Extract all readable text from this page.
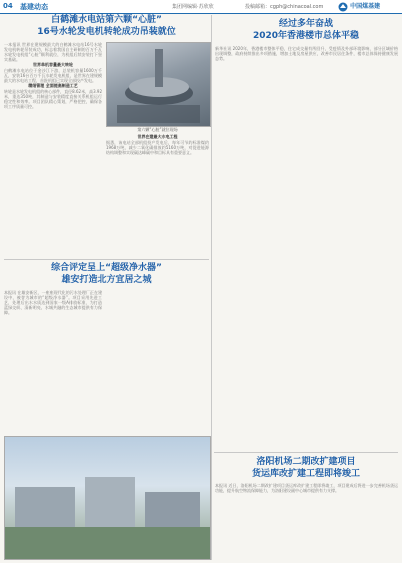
04 基建动态	集团网编辑·苏欣欣	投稿邮箱：cgph@chinacoal.com	中国煤基建
白鹤滩水电站第六颗“心脏”
16号水轮发电机转轮成功吊装就位

一本报讯 世界在建规模最大的白鹤滩水电站16号水轮发电机转轮吊装成功，标志着我国自主研制的百万千瓦水轮发电机组“心脏”顺利就位，为机组后续安装打下坚实基础。

世界单机容量最大转轮

白鹤滩水电站位于金沙江下游，总装机容量1600万千瓦，安装16台百万千瓦水轮发电机组，是世界在建规模最大的水电站工程，首批机组已实现全部投产发电。

精细管理 全面提高制造工艺

转轮是水轮发电机组的核心部件，直径8.62米，高3.92米，重达350吨，其制造与安装精度直接关系机组运行稳定性和效率。项目团队精心策划，严格把控，确保各项工序质量可控。

第六颗“心脏”就位现场
世界在建最大水电工程

据悉，该电站全部机组投产发电后，每年可节约标准煤约1968万吨，减少二氧化碳排放约5160万吨，对促进能源结构调整和实现碳达峰碳中和目标具有重要意义。

经过多年奋战
2020年香港楼市总体平稳

新华社讯 2020年，香港楼市整体平稳，住宅成交量有所回升，受疫情及外部环境影响，部分区域价格出现调整，政府持续推出多项措施，增加土地及房屋供应，改善市民居住条件，楼市总体保持健康发展态势。

综合评定呈上“超级净水器”
雄安打造北方宜居之城

本报讯 在雄安新区，一座座现代化的污水处理厂正在建设中，被誉为城市的“超级净水器”。项目采用先进工艺，处理后出水水质达到国家一级A排放标准，为打造蓝绿交织、清新明亮、水城共融的生态城市提供有力保障。

洛阳机场二期改扩建项目
货运库改扩建工程即将竣工

本报讯 近日，洛阳机场二期改扩建项目货运库改扩建工程即将竣工，项目建成后将进一步完善机场货运功能，提升航空物流保障能力，为洛阳建设副中心城市提供有力支撑。
